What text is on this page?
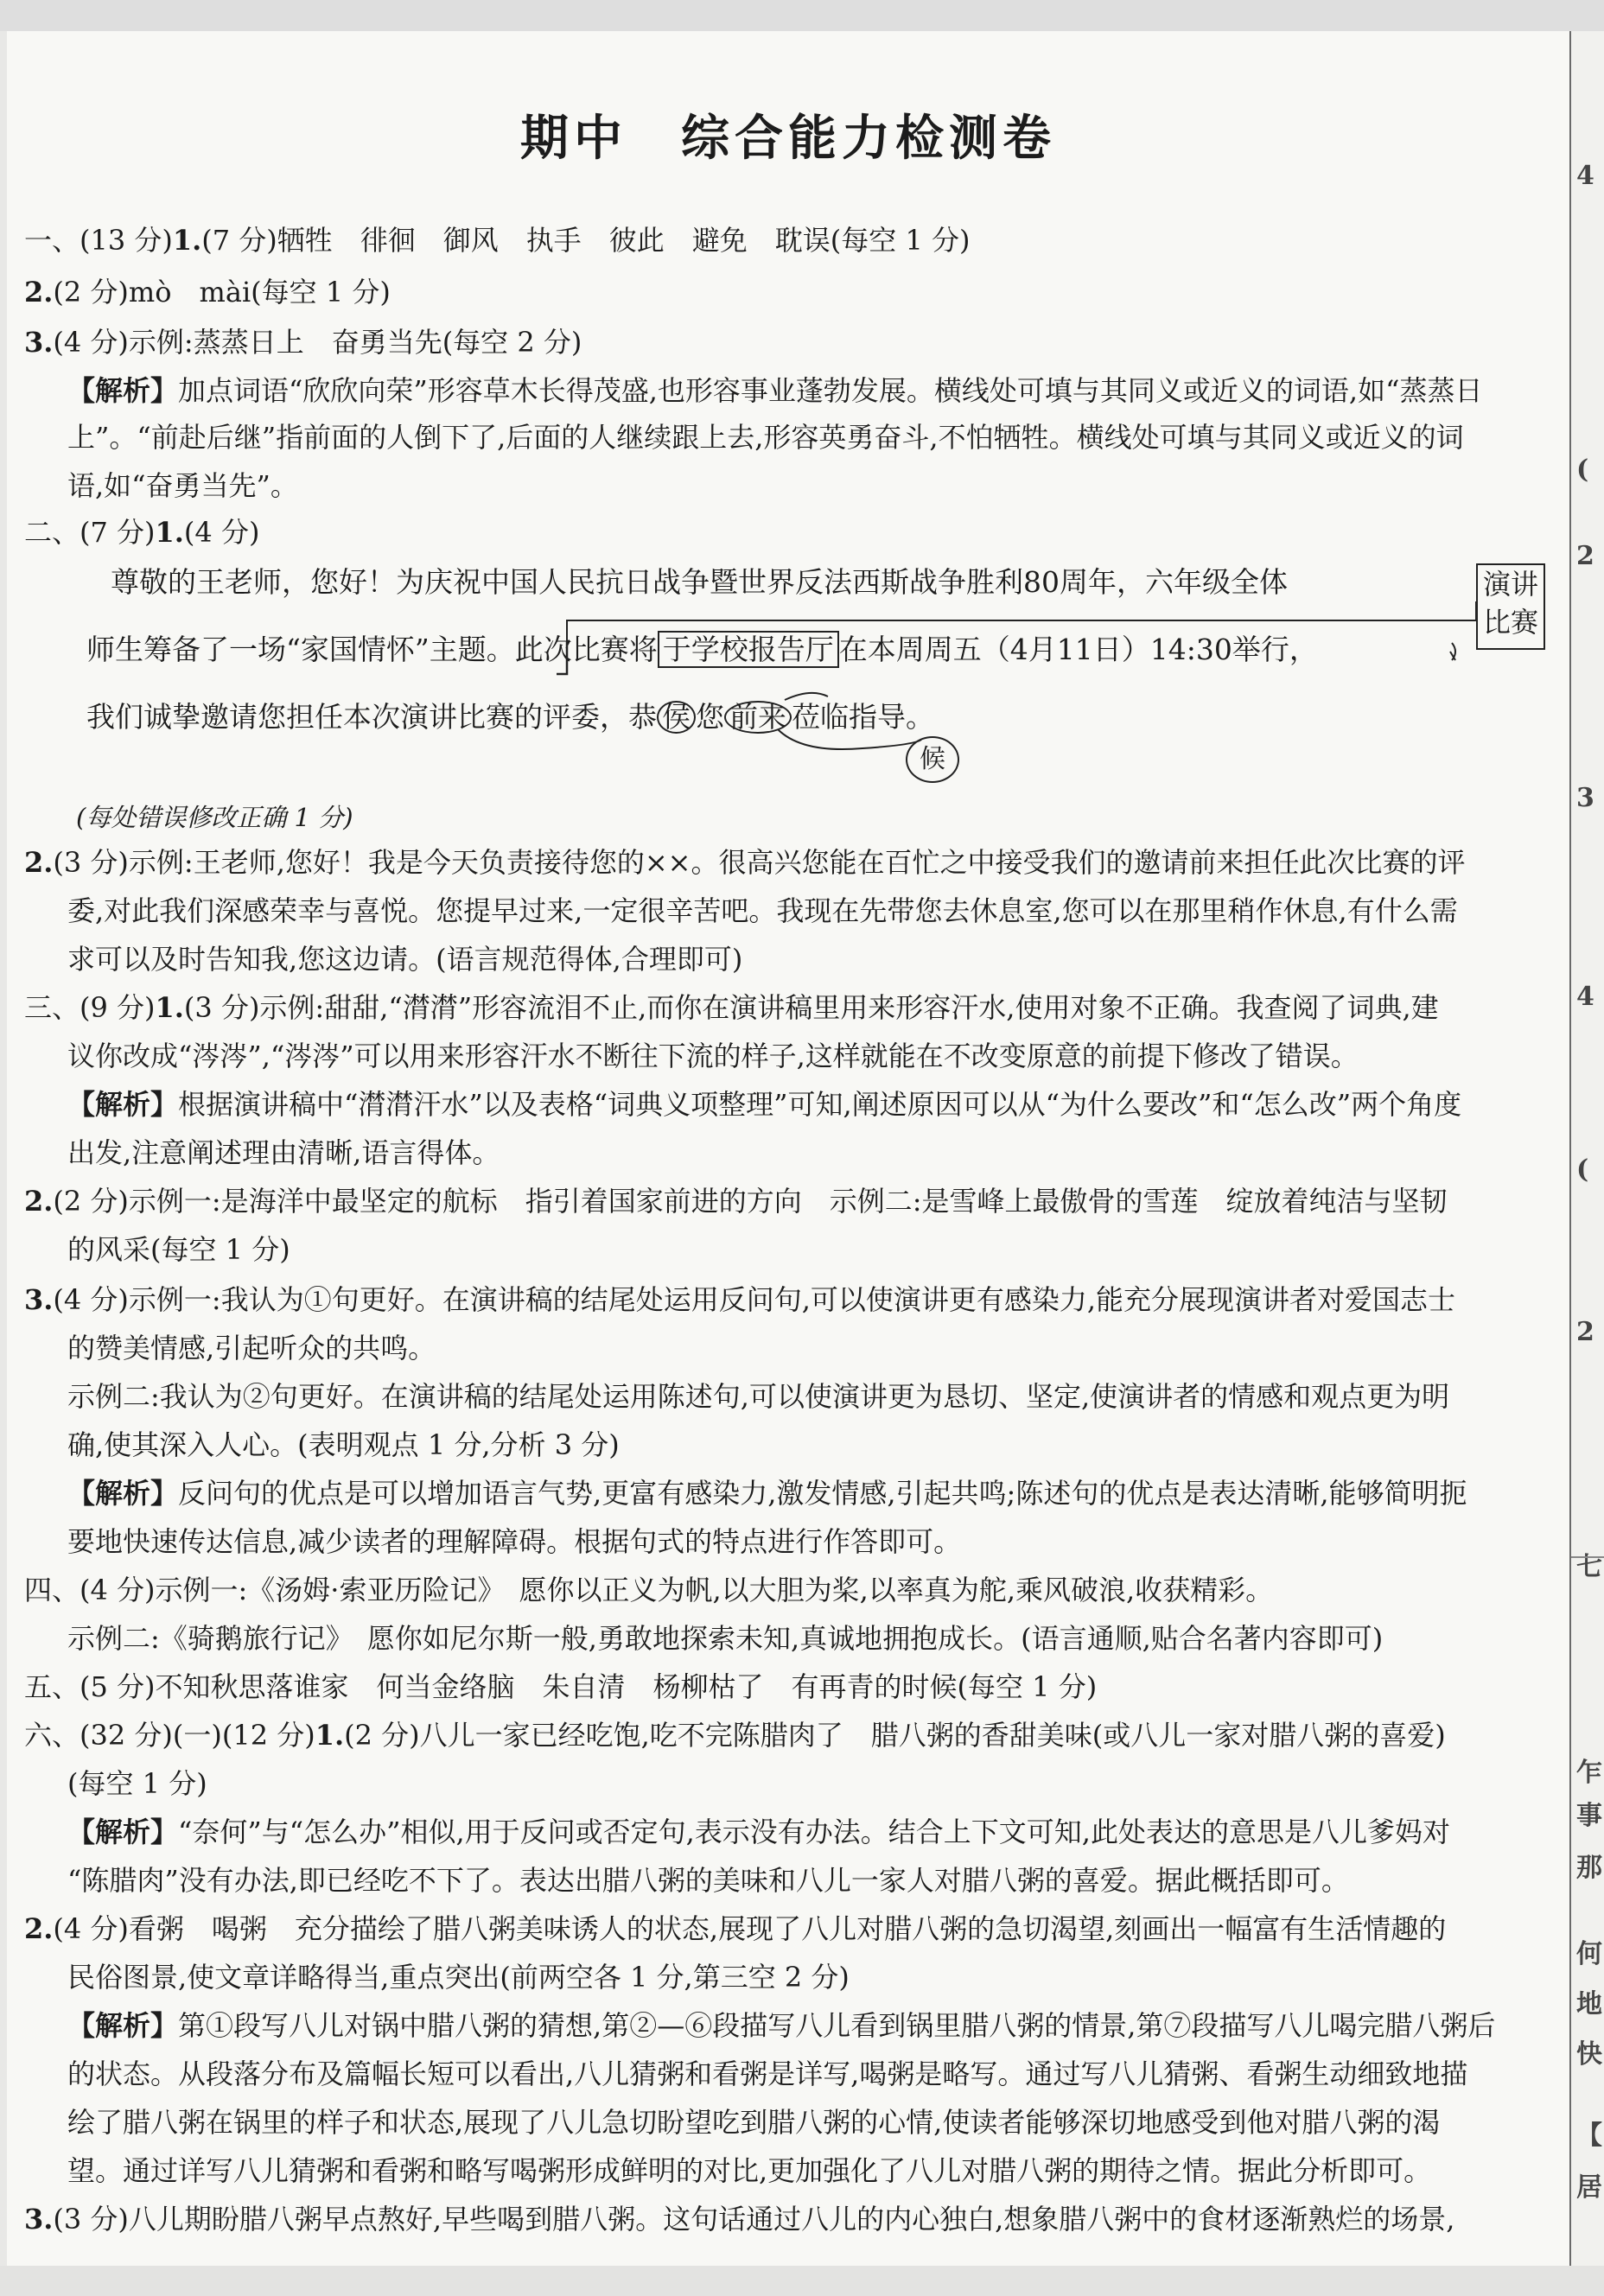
期中　综合能力检测卷
一、(13 分)1.(7 分)牺牲　徘徊　御风　执手　彼此　避免　耽误(每空 1 分)
2.(2 分)mò　mài(每空 1 分)
3.(4 分)示例:蒸蒸日上　奋勇当先(每空 2 分)
【解析】加点词语“欣欣向荣”形容草木长得茂盛,也形容事业蓬勃发展。横线处可填与其同义或近义的词语,如“蒸蒸日
上”。“前赴后继”指前面的人倒下了,后面的人继续跟上去,形容英勇奋斗,不怕牺牲。横线处可填与其同义或近义的词
语,如“奋勇当先”。
二、(7 分)1.(4 分)
尊敬的王老师，您好！为庆祝中国人民抗日战争暨世界反法西斯战争胜利80周年，六年级全体
师生筹备了一场“家国情怀”主题。此次比赛将 于学校报告厅 在本周周五（4月11日）14:30举行，
我们诚挚邀请您担任本次演讲比赛的评委，恭 侯 您 前来 莅临指导。
演讲
比赛
候
(每处错误修改正确 1 分)
2.(3 分)示例:王老师,您好！我是今天负责接待您的××。很高兴您能在百忙之中接受我们的邀请前来担任此次比赛的评
委,对此我们深感荣幸与喜悦。您提早过来,一定很辛苦吧。我现在先带您去休息室,您可以在那里稍作休息,有什么需
求可以及时告知我,您这边请。(语言规范得体,合理即可)
三、(9 分)1.(3 分)示例:甜甜,“潸潸”形容流泪不止,而你在演讲稿里用来形容汗水,使用对象不正确。我查阅了词典,建
议你改成“涔涔”,“涔涔”可以用来形容汗水不断往下流的样子,这样就能在不改变原意的前提下修改了错误。
【解析】根据演讲稿中“潸潸汗水”以及表格“词典义项整理”可知,阐述原因可以从“为什么要改”和“怎么改”两个角度
出发,注意阐述理由清晰,语言得体。
2.(2 分)示例一:是海洋中最坚定的航标　指引着国家前进的方向　示例二:是雪峰上最傲骨的雪莲　绽放着纯洁与坚韧
的风采(每空 1 分)
3.(4 分)示例一:我认为①句更好。在演讲稿的结尾处运用反问句,可以使演讲更有感染力,能充分展现演讲者对爱国志士
的赞美情感,引起听众的共鸣。
示例二:我认为②句更好。在演讲稿的结尾处运用陈述句,可以使演讲更为恳切、坚定,使演讲者的情感和观点更为明
确,使其深入人心。(表明观点 1 分,分析 3 分)
【解析】反问句的优点是可以增加语言气势,更富有感染力,激发情感,引起共鸣;陈述句的优点是表达清晰,能够简明扼
要地快速传达信息,减少读者的理解障碍。根据句式的特点进行作答即可。
四、(4 分)示例一:《汤姆·索亚历险记》　愿你以正义为帆,以大胆为桨,以率真为舵,乘风破浪,收获精彩。
示例二:《骑鹅旅行记》　愿你如尼尔斯一般,勇敢地探索未知,真诚地拥抱成长。(语言通顺,贴合名著内容即可)
五、(5 分)不知秋思落谁家　何当金络脑　朱自清　杨柳枯了　有再青的时候(每空 1 分)
六、(32 分)(一)(12 分)1.(2 分)八儿一家已经吃饱,吃不完陈腊肉了　腊八粥的香甜美味(或八儿一家对腊八粥的喜爱)
(每空 1 分)
【解析】“奈何”与“怎么办”相似,用于反问或否定句,表示没有办法。结合上下文可知,此处表达的意思是八儿爹妈对
“陈腊肉”没有办法,即已经吃不下了。表达出腊八粥的美味和八儿一家人对腊八粥的喜爱。据此概括即可。
2.(4 分)看粥　喝粥　充分描绘了腊八粥美味诱人的状态,展现了八儿对腊八粥的急切渴望,刻画出一幅富有生活情趣的
民俗图景,使文章详略得当,重点突出(前两空各 1 分,第三空 2 分)
【解析】第①段写八儿对锅中腊八粥的猜想,第②—⑥段描写八儿看到锅里腊八粥的情景,第⑦段描写八儿喝完腊八粥后
的状态。从段落分布及篇幅长短可以看出,八儿猜粥和看粥是详写,喝粥是略写。通过写八儿猜粥、看粥生动细致地描
绘了腊八粥在锅里的样子和状态,展现了八儿急切盼望吃到腊八粥的心情,使读者能够深切地感受到他对腊八粥的渴
望。通过详写八儿猜粥和看粥和略写喝粥形成鲜明的对比,更加强化了八儿对腊八粥的期待之情。据此分析即可。
3.(3 分)八儿期盼腊八粥早点熬好,早些喝到腊八粥。这句话通过八儿的内心独白,想象腊八粥中的食材逐渐熟烂的场景,
4
(
2
3
4
(
2
七
乍
事
那
何
地
快
【
居
